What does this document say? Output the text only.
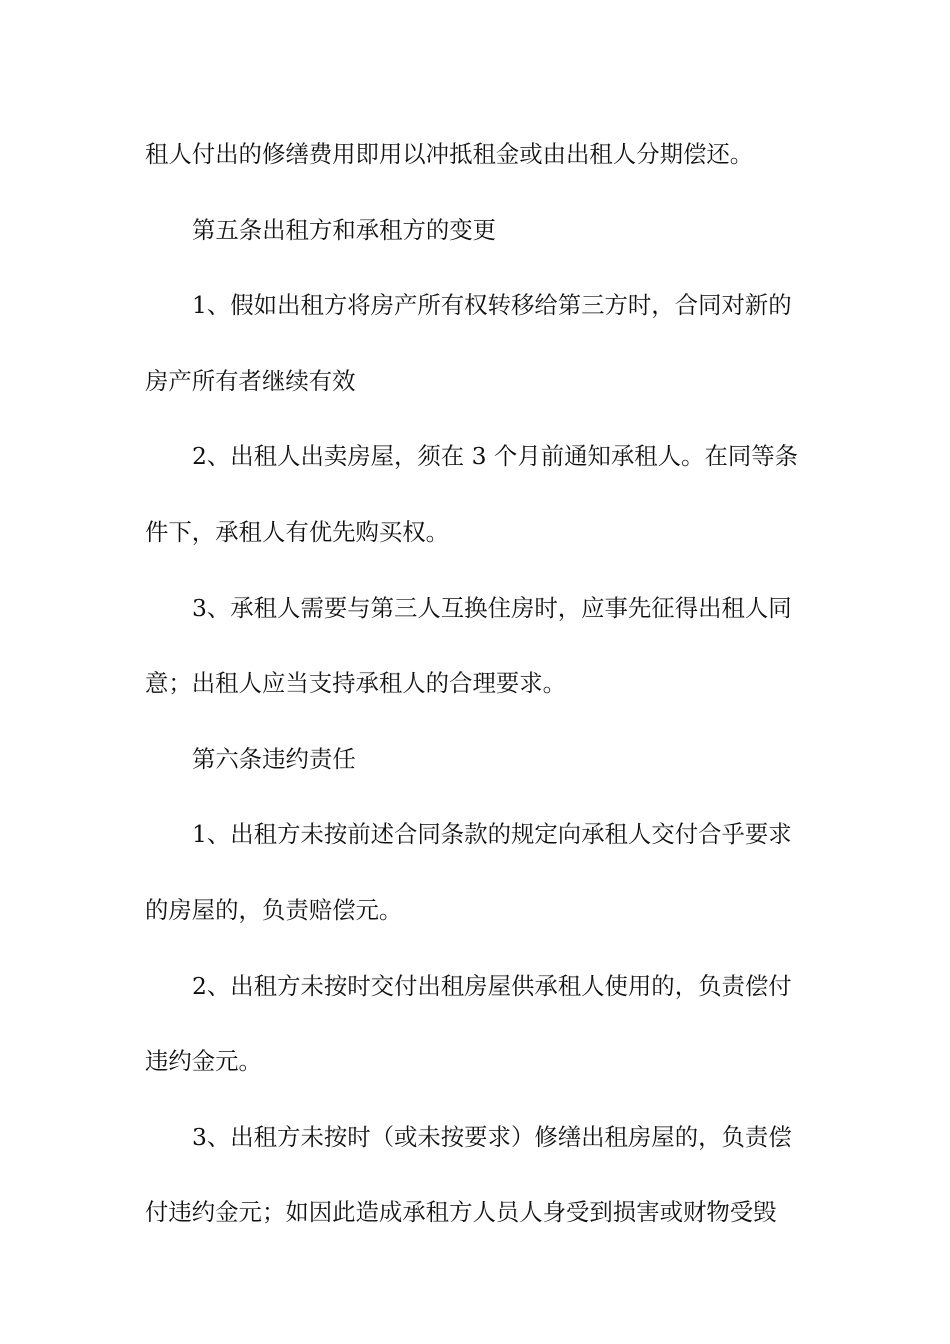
租人付出的修缮费用即用以冲抵租金或由出租人分期偿还。
第五条出租方和承租方的变更
1、假如出租方将房产所有权转移给第三方时，合同对新的
房产所有者继续有效
2、出租人出卖房屋，须在 3 个月前通知承租人。在同等条
件下，承租人有优先购买权。
3、承租人需要与第三人互换住房时，应事先征得出租人同
意；出租人应当支持承租人的合理要求。
第六条违约责任
1、出租方未按前述合同条款的规定向承租人交付合乎要求
的房屋的，负责赔偿元。
2、出租方未按时交付出租房屋供承租人使用的，负责偿付
违约金元。
3、出租方未按时（或未按要求）修缮出租房屋的，负责偿
付违约金元；如因此造成承租方人员人身受到损害或财物受毁
